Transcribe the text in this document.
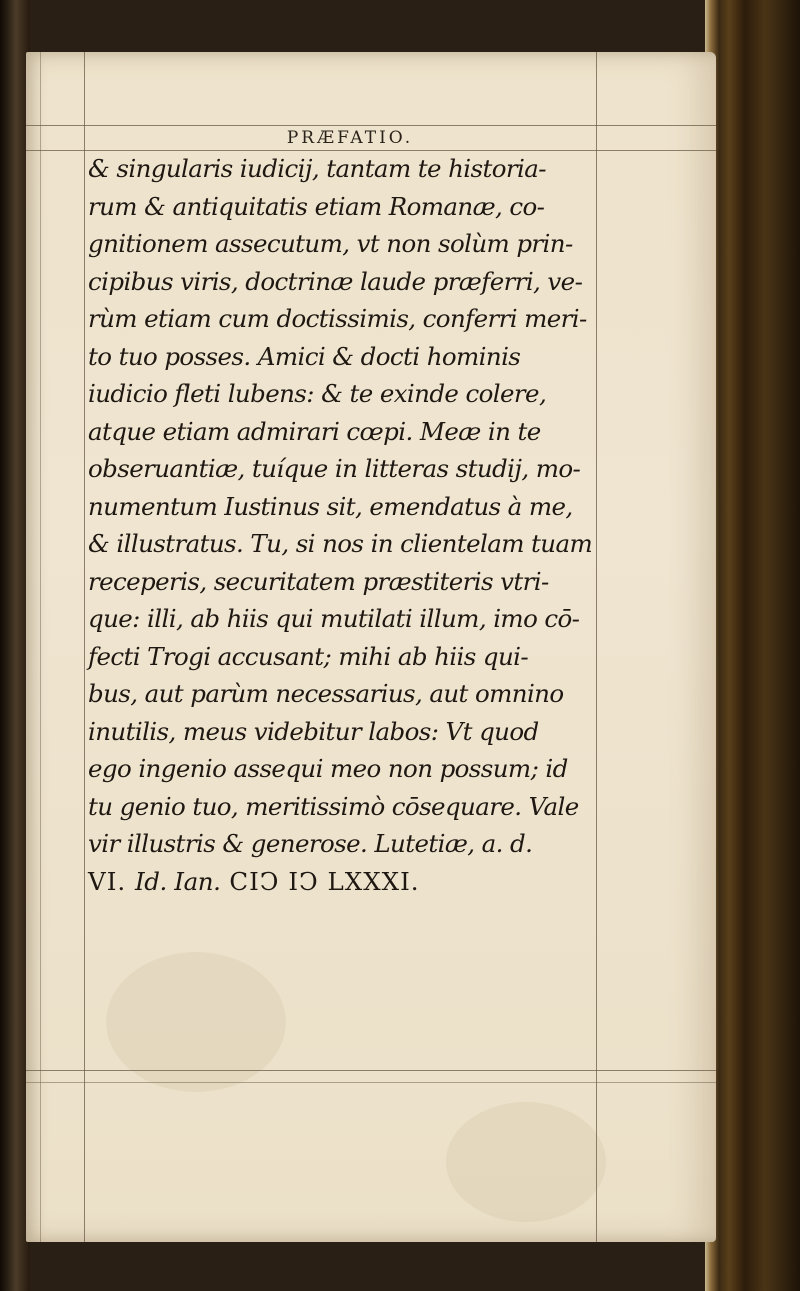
PRÆFATIO.
& singularis iudicij, tantam te historia-
rum & antiquitatis etiam Romanæ, co-
gnitionem assecutum, vt non solùm prin-
cipibus viris, doctrinæ laude præferri, ve-
rùm etiam cum doctissimis, conferri meri-
to tuo posses. Amici & docti hominis
iudicio fleti lubens: & te exinde colere,
atque etiam admirari cœpi. Meæ in te
obseruantiæ, tuíque in litteras studij, mo-
numentum Iustinus sit, emendatus à me,
& illustratus. Tu, si nos in clientelam tuam
receperis, securitatem præstiteris vtri-
que: illi, ab hiis qui mutilati illum, imo cō-
fecti Trogi accusant; mihi ab hiis qui-
bus, aut parùm necessarius, aut omnino
inutilis, meus videbitur labos: Vt quod
ego ingenio assequi meo non possum; id
tu genio tuo, meritissimò cōsequare. Vale
vir illustris & generose. Lutetiæ, a. d.
VI. Id. Ian. CIↃ IↃ LXXXI.
